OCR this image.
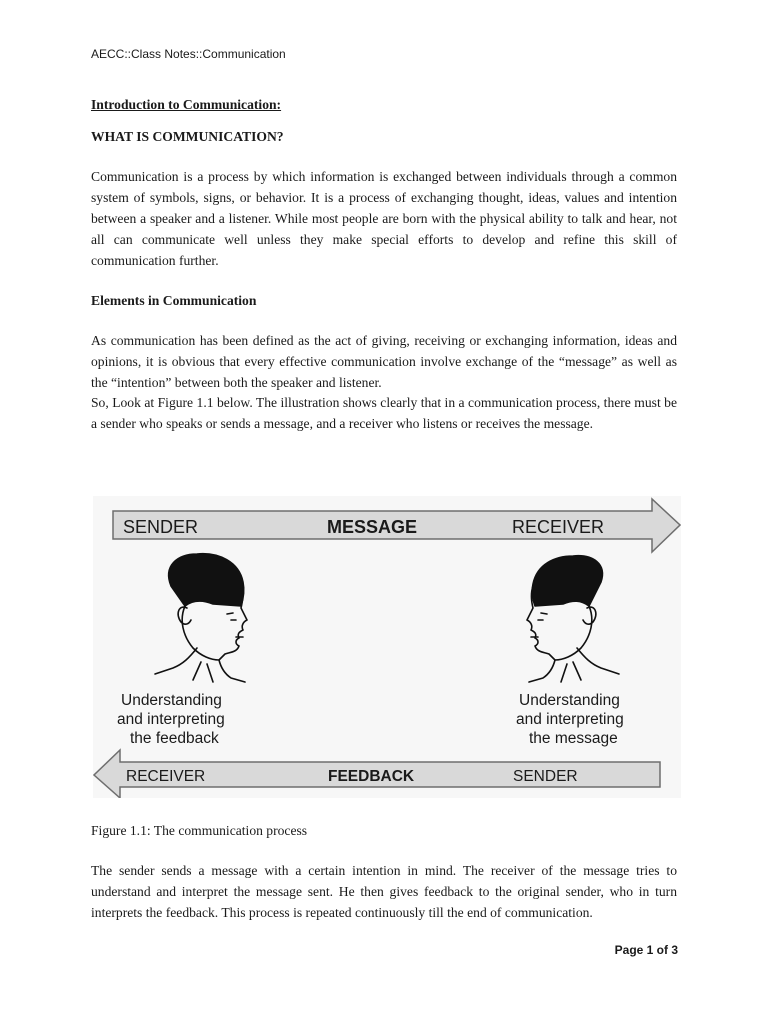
AECC::Class Notes::Communication
Introduction to Communication:
WHAT IS COMMUNICATION?

Communication is a process by which information is exchanged between individuals through a common system of symbols, signs, or behavior. It is a process of exchanging thought, ideas, values and intention between a speaker and a listener. While most people are born with the physical ability to talk and hear, not all can communicate well unless they make special efforts to develop and refine this skill of communication further.

Elements in Communication

As communication has been defined as the act of giving, receiving or exchanging information, ideas and opinions, it is obvious that every effective communication involve exchange of the “message” as well as the “intention” between both the speaker and listener.

So, Look at Figure 1.1 below. The illustration shows clearly that in a communication process, there must be a sender who speaks or sends a message, and a receiver who listens or receives the message.

SENDER	MESSAGE	RECEIVER
Understanding and interpreting the feedback
Understanding and interpreting the message
RECEIVER	FEEDBACK	SENDER
Figure 1.1: The communication process

The sender sends a message with a certain intention in mind. The receiver of the message tries to understand and interpret the message sent. He then gives feedback to the original sender, who in turn interprets the feedback. This process is repeated continuously till the end of communication.

Page 1 of 3
